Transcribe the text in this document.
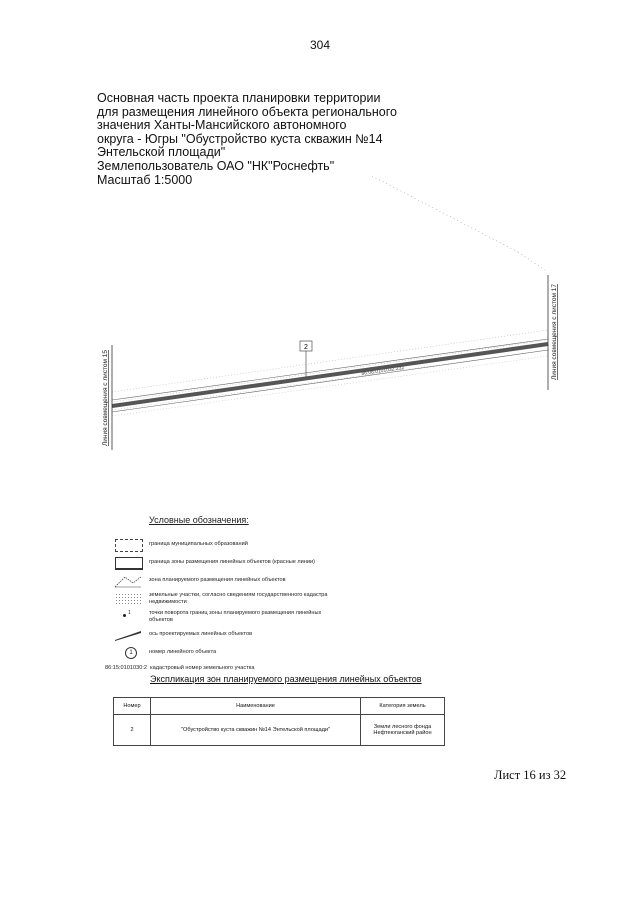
304
Основная часть проекта планировки территории
для размещения линейного объекта регионального
значения Ханты-Мансийского автономного
округа - Югры "Обустройство куста скважин №14
Энтельской площади"
Землепользователь ОАО "НК"Роснефть"
Масштаб 1:5000
2
86:08:0101032:232
Линия совмещения с листом 15
Линия совмещения с листом 17
Условные обозначения:
граница муниципальных образований
граница зоны размещения линейных объектов (красные линии)
зона планируемого размещения линейных объектов
земельные участки, согласно сведениям государственного кадастра недвижимости
1	точки поворота границ зоны планируемого размещения линейных объектов
ось проектируемых линейных объектов
1	номер линейного объекта
86:15:0101030:2
кадастровый номер земельного участка
Экспликация зон планируемого размещения линейных объектов
Номер	Наименование	Категория земель
2	"Обустройство куста скважин №14 Энтельской площади"	Земли лесного фонда
Нефтеюганский район
Лист 16 из 32
